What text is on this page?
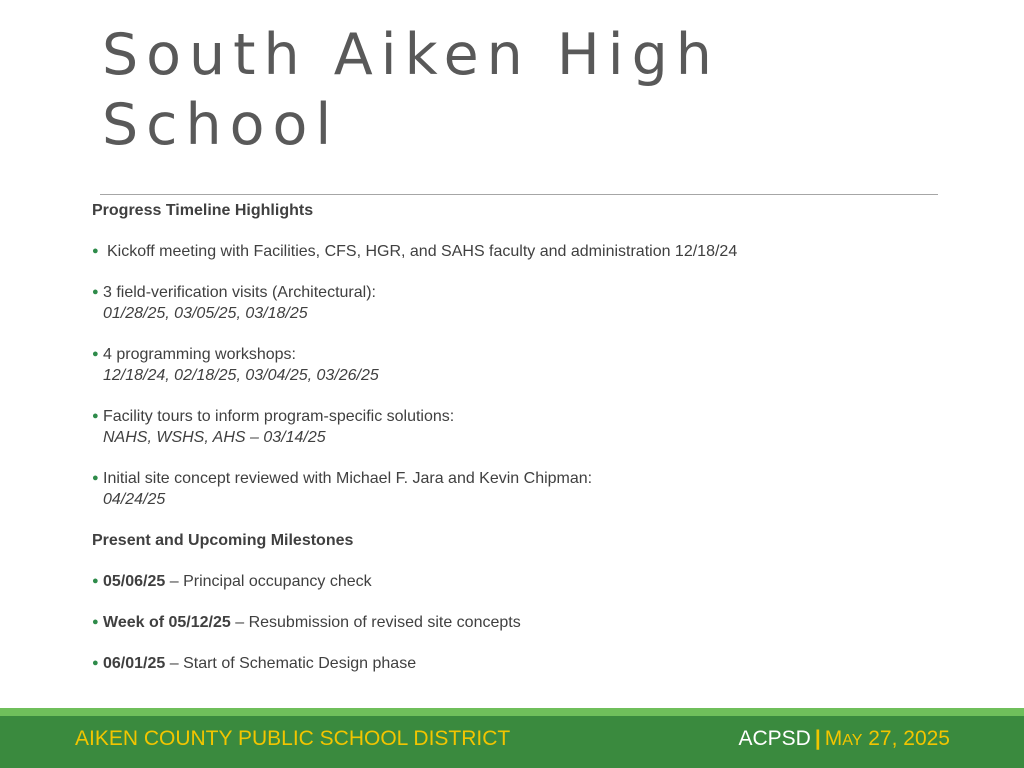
South Aiken High
School
Progress Timeline Highlights
● Kickoff meeting with Facilities, CFS, HGR, and SAHS faculty and administration 12/18/24
● 3 field-verification visits (Architectural):
01/28/25, 03/05/25, 03/18/25
● 4 programming workshops:
12/18/24, 02/18/25, 03/04/25, 03/26/25
● Facility tours to inform program-specific solutions:
NAHS, WSHS, AHS – 03/14/25
● Initial site concept reviewed with Michael F. Jara and Kevin Chipman:
04/24/25
Present and Upcoming Milestones
● 05/06/25 – Principal occupancy check
● Week of 05/12/25 – Resubmission of revised site concepts
● 06/01/25 – Start of Schematic Design phase
AIKEN COUNTY PUBLIC SCHOOL DISTRICT	ACPSD | MAY 27, 2025
